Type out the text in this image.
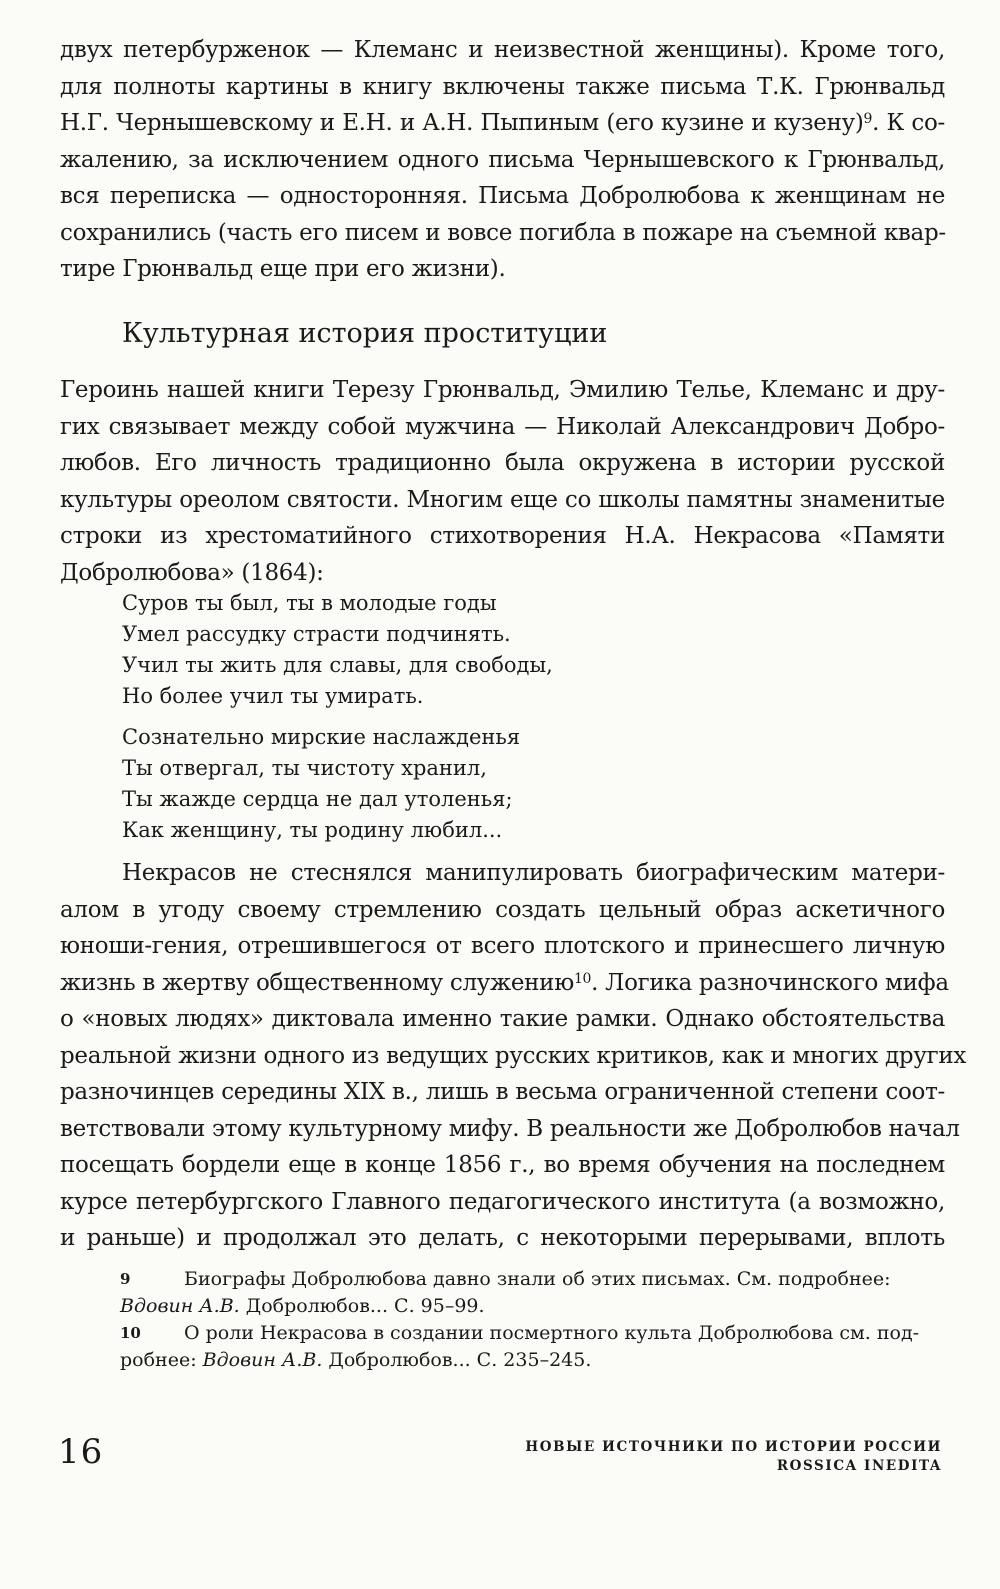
двух петербурженок — Клеманс и неизвестной женщины). Кроме того,
для полноты картины в книгу включены также письма Т.К. Грюнвальд
Н.Г. Чернышевскому и Е.Н. и А.Н. Пыпиным (его кузине и кузену)$^9$. К со-
жалению, за исключением одного письма Чернышевского к Грюнвальд,
вся переписка — односторонняя. Письма Добролюбова к женщинам не
сохранились (часть его писем и вовсе погибла в пожаре на съемной квар-
тире Грюнвальд еще при его жизни).
Культурная история проституции
Героинь нашей книги Терезу Грюнвальд, Эмилию Телье, Клеманс и дру-
гих связывает между собой мужчина — Николай Александрович Добро-
любов. Его личность традиционно была окружена в истории русской
культуры ореолом святости. Многим еще со школы памятны знаменитые
строки из хрестоматийного стихотворения Н.А. Некрасова «Памяти
Добролюбова» (1864):
Суров ты был, ты в молодые годы
Умел рассудку страсти подчинять.
Учил ты жить для славы, для свободы,
Но более учил ты умирать.
Сознательно мирские наслажденья
Ты отвергал, ты чистоту хранил,
Ты жажде сердца не дал утоленья;
Как женщину, ты родину любил...
Некрасов не стеснялся манипулировать биографическим матери-
алом в угоду своему стремлению создать цельный образ аскетичного
юноши-гения, отрешившегося от всего плотского и принесшего личную
жизнь в жертву общественному служению$^{10}$. Логика разночинского мифа
о «новых людях» диктовала именно такие рамки. Однако обстоятельства
реальной жизни одного из ведущих русских критиков, как и многих других
разночинцев середины XIX в., лишь в весьма ограниченной степени соот-
ветствовали этому культурному мифу. В реальности же Добролюбов начал
посещать бордели еще в конце 1856 г., во время обучения на последнем
курсе петербургского Главного педагогического института (а возможно,
и раньше) и продолжал это делать, с некоторыми перерывами, вплоть
9	Биографы Добролюбова давно знали об этих письмах. См. подробнее:
Вдовин А.В. Добролюбов... С. 95–99.
10	О роли Некрасова в создании посмертного культа Добролюбова см. под-
робнее: Вдовин А.В. Добролюбов... С. 235–245.
16	НОВЫЕ ИСТОЧНИКИ ПО ИСТОРИИ РОССИИ
ROSSICA INEDITA
